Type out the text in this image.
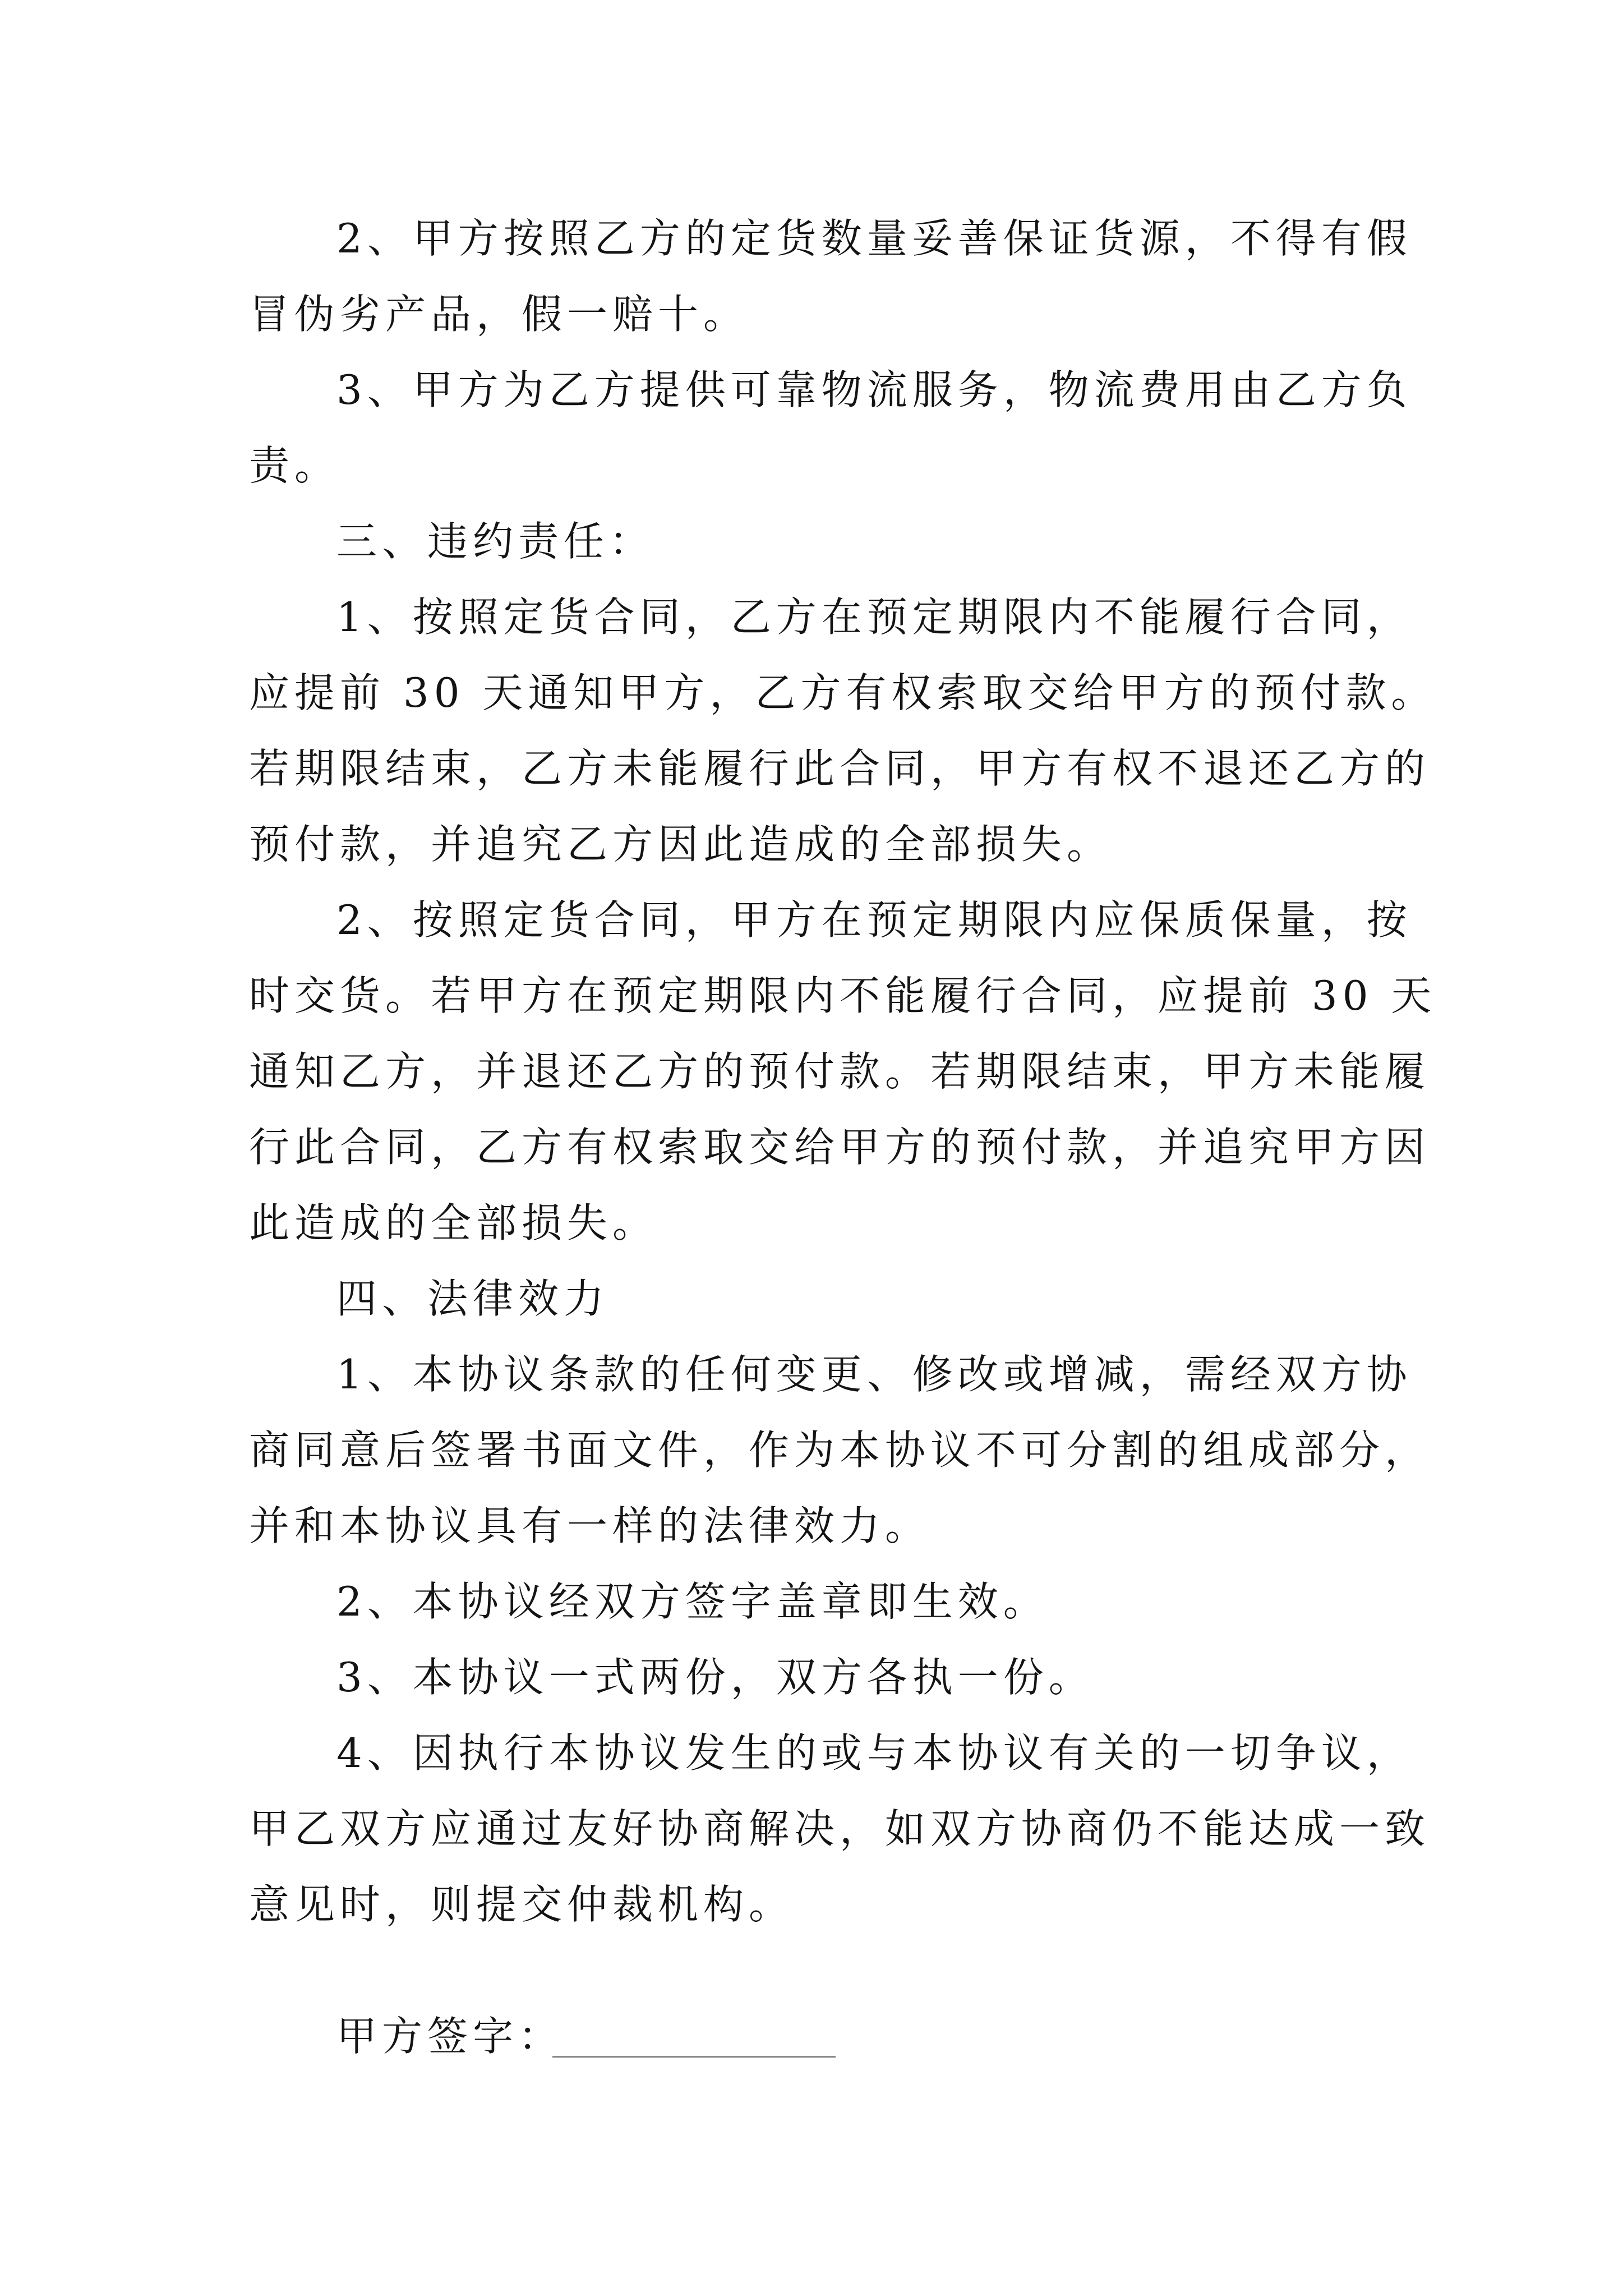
2、甲方按照乙方的定货数量妥善保证货源，不得有假
冒伪劣产品，假一赔十。
3、甲方为乙方提供可靠物流服务，物流费用由乙方负
责。
三、违约责任：
1、按照定货合同，乙方在预定期限内不能履行合同，
应提前 30 天通知甲方，乙方有权索取交给甲方的预付款。
若期限结束，乙方未能履行此合同，甲方有权不退还乙方的
预付款，并追究乙方因此造成的全部损失。
2、按照定货合同，甲方在预定期限内应保质保量，按
时交货。若甲方在预定期限内不能履行合同，应提前 30 天
通知乙方，并退还乙方的预付款。若期限结束，甲方未能履
行此合同，乙方有权索取交给甲方的预付款，并追究甲方因
此造成的全部损失。
四、法律效力
1、本协议条款的任何变更、修改或增减，需经双方协
商同意后签署书面文件，作为本协议不可分割的组成部分，
并和本协议具有一样的法律效力。
2、本协议经双方签字盖章即生效。
3、本协议一式两份，双方各执一份。
4、因执行本协议发生的或与本协议有关的一切争议，
甲乙双方应通过友好协商解决，如双方协商仍不能达成一致
意见时，则提交仲裁机构。
甲方签字：
